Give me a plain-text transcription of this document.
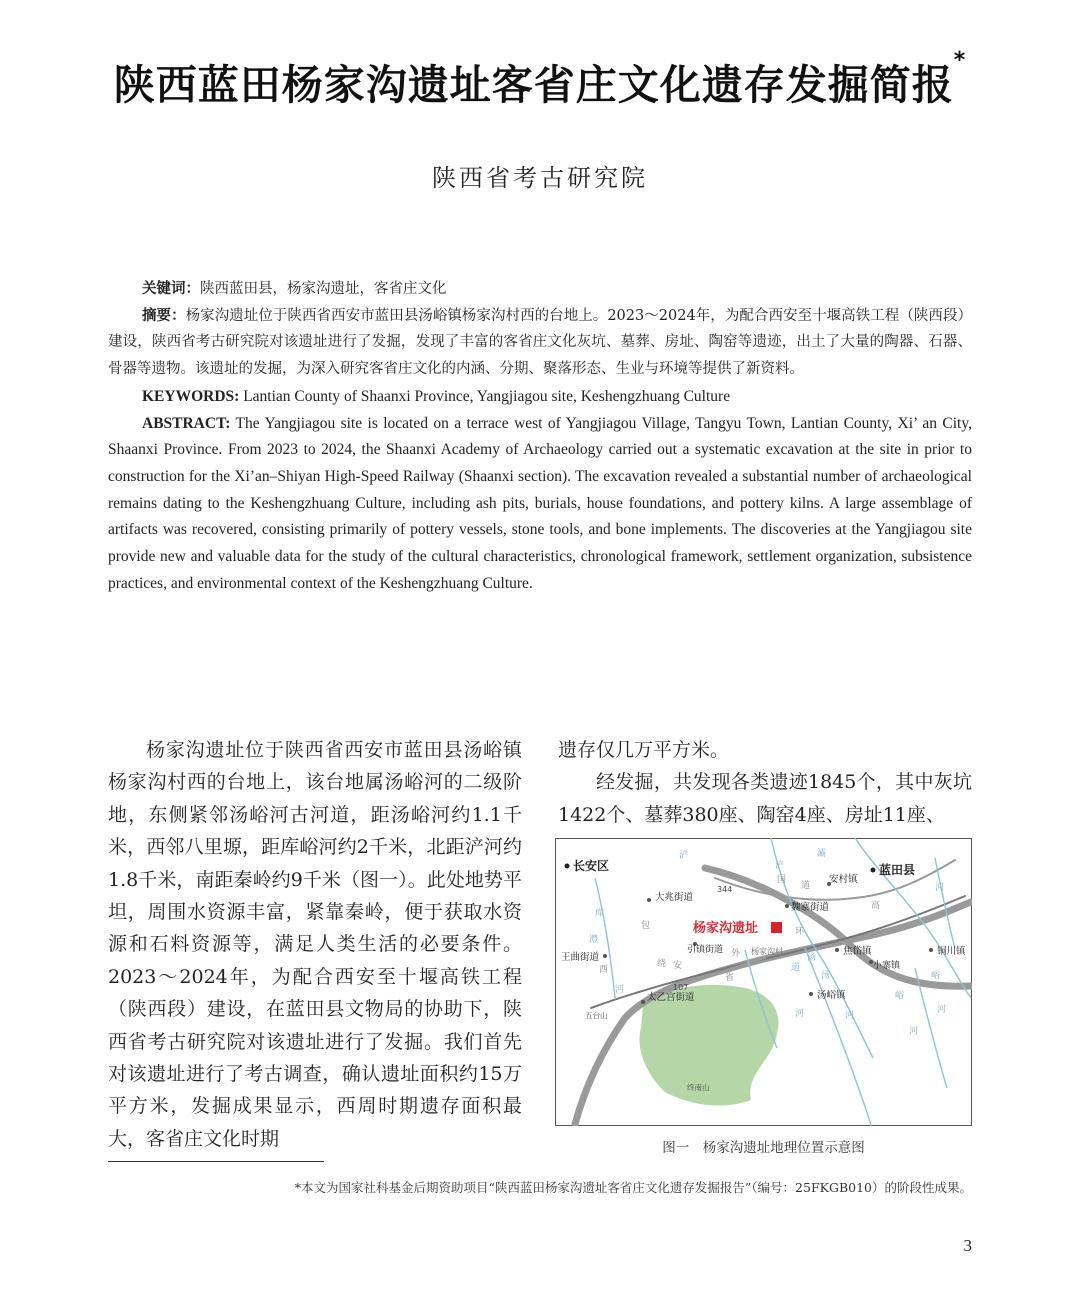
陕西蓝田杨家沟遗址客省庄文化遗存发掘简报*
陕西省考古研究院

关键词：陕西蓝田县，杨家沟遗址，客省庄文化

摘要：杨家沟遗址位于陕西省西安市蓝田县汤峪镇杨家沟村西的台地上。2023～2024年，为配合西安至十堰高铁工程（陕西段）建设，陕西省考古研究院对该遗址进行了发掘，发现了丰富的客省庄文化灰坑、墓葬、房址、陶窑等遗迹，出土了大量的陶器、石器、骨器等遗物。该遗址的发掘，为深入研究客省庄文化的内涵、分期、聚落形态、生业与环境等提供了新资料。

KEYWORDS: Lantian County of Shaanxi Province, Yangjiagou site, Keshengzhuang Culture

ABSTRACT: The Yangjiagou site is located on a terrace west of Yangjiagou Village, Tangyu Town, Lantian County, Xi’ an City, Shaanxi Province. From 2023 to 2024, the Shaanxi Academy of Archaeology carried out a systematic excavation at the site in prior to construction for the Xi’an–Shiyan High-Speed Railway (Shaanxi section). The excavation revealed a substantial number of archaeological remains dating to the Keshengzhuang Culture, including ash pits, burials, house foundations, and pottery kilns. A large assemblage of artifacts was recovered, consisting primarily of pottery vessels, stone tools, and bone implements. The discoveries at the Yangjiagou site provide new and valuable data for the study of the cultural characteristics, chronological framework, settlement organization, subsistence practices, and environmental context of the Keshengzhuang Culture.

杨家沟遗址位于陕西省西安市蓝田县汤峪镇杨家沟村西的台地上，该台地属汤峪河的二级阶地，东侧紧邻汤峪河古河道，距汤峪河约1.1千米，西邻八里塬，距库峪河约2千米，北距浐河约1.8千米，南距秦岭约9千米（图一）。此处地势平坦，周围水资源丰富，紧靠秦岭，便于获取水资源和石料资源等，满足人类生活的必要条件。2023～2024年，为配合西安至十堰高铁工程（陕西段）建设，在蓝田县文物局的协助下，陕西省考古研究院对该遗址进行了发掘。我们首先对该遗址进行了考古调查，确认遗址面积约15万平方米，发掘成果显示，西周时期遗存面积最大，客省庄文化时期

遗存仅几万平方米。

经发掘，共发现各类遗迹1845个，其中灰坑1422个、墓葬380座、陶窑4座、房址11座、

长安区	蓝田县
大兆街道
安村镇
魏寨街道
杨家沟遗址
引镇街道	杨家沟村
王曲街道
焦岱镇
小寨镇
铜川镇
太乙宫街道	汤峪镇
五台山
终南山
107
344
浐	灞
河
峪
河
库
汤
道
外
西
省
安
国
道
高
绕
环
汤
河
峪
河
河
澧
浐
河
包
图一　杨家沟遗址地理位置示意图
*本文为国家社科基金后期资助项目“陕西蓝田杨家沟遗址客省庄文化遗存发掘报告”（编号：25FKGB010）的阶段性成果。
3
